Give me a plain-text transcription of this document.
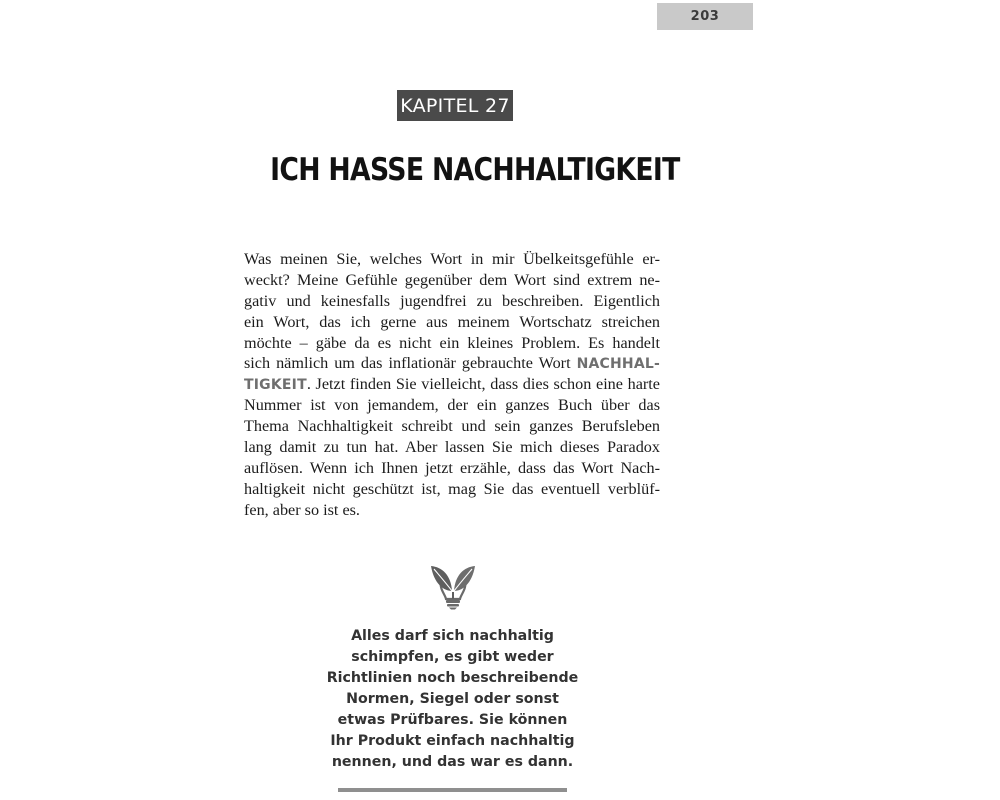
203
KAPITEL 27
ICH HASSE NACHHALTIGKEIT
Was meinen Sie, welches Wort in mir Übelkeitsgefühle er-
weckt? Meine Gefühle gegenüber dem Wort sind extrem ne-
gativ und keinesfalls jugendfrei zu beschreiben. Eigentlich
ein Wort, das ich gerne aus meinem Wortschatz streichen
möchte – gäbe da es nicht ein kleines Problem. Es handelt
sich nämlich um das inflationär gebrauchte Wort NACHHAL-
TIGKEIT. Jetzt finden Sie vielleicht, dass dies schon eine harte
Nummer ist von jemandem, der ein ganzes Buch über das
Thema Nachhaltigkeit schreibt und sein ganzes Berufsleben
lang damit zu tun hat. Aber lassen Sie mich dieses Paradox
auflösen. Wenn ich Ihnen jetzt erzähle, dass das Wort Nach-
haltigkeit nicht geschützt ist, mag Sie das eventuell verblüf-
fen, aber so ist es.
Alles darf sich nachhaltig
schimpfen, es gibt weder
Richtlinien noch beschreibende
Normen, Siegel oder sonst
etwas Prüfbares. Sie können
Ihr Produkt einfach nachhaltig
nennen, und das war es dann.
